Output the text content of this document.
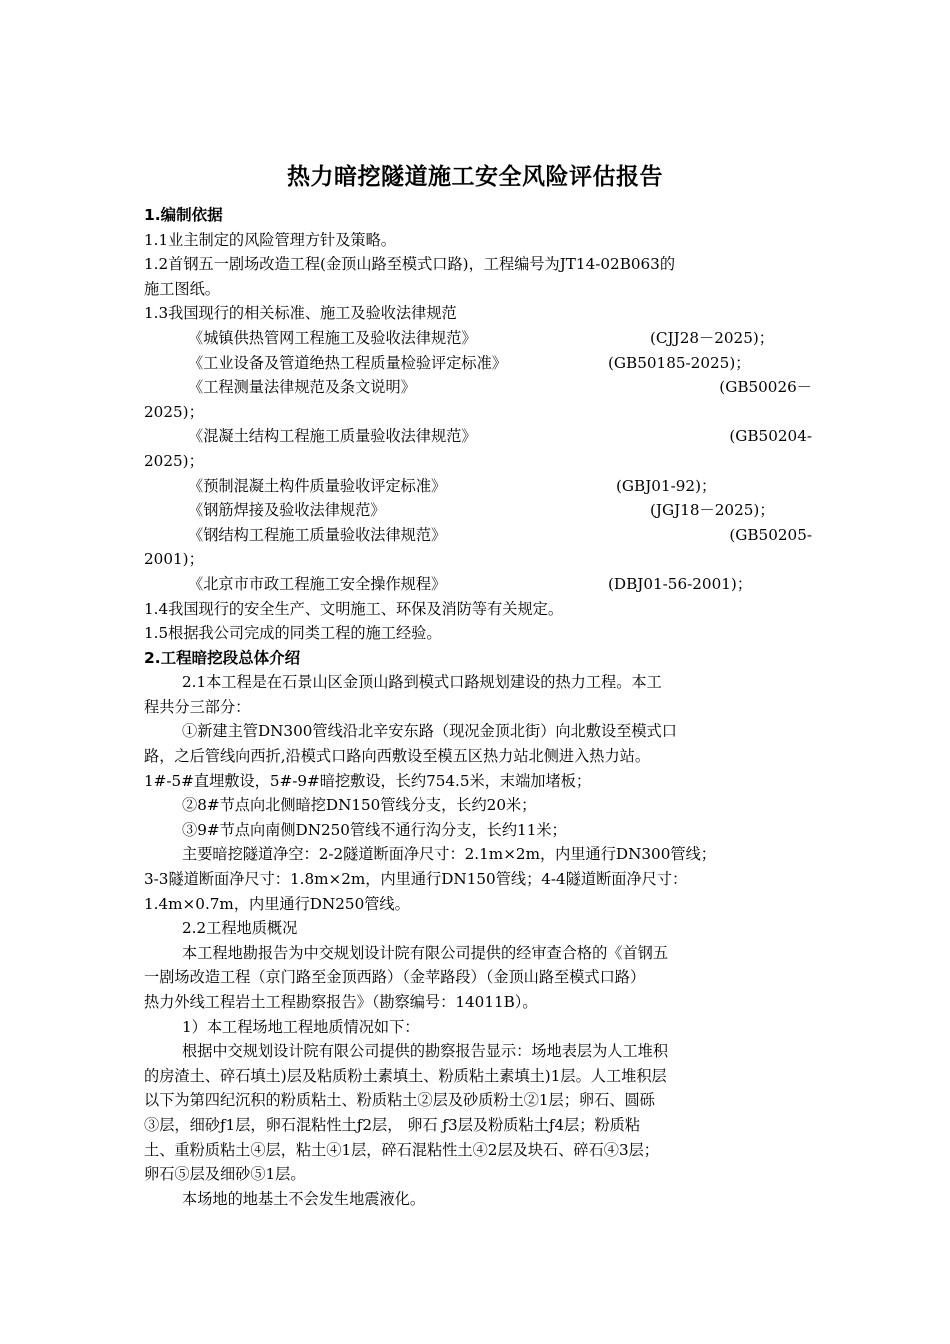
热力暗挖隧道施工安全风险评估报告
1.编制依据
1.1业主制定的风险管理方针及策略。
1.2首钢五一剧场改造工程(金顶山路至模式口路)，工程编号为JT14-02B063的
施工图纸。
1.3我国现行的相关标准、施工及验收法律规范
《城镇供热管网工程施工及验收法律规范》	(CJJ28－2025)；
《工业设备及管道绝热工程质量检验评定标准》	(GB50185-2025)；
《工程测量法律规范及条文说明》	(GB50026－
2025)；
《混凝土结构工程施工质量验收法律规范》	(GB50204-
2025)；
《预制混凝土构件质量验收评定标准》	(GBJ01-92)；
《钢筋焊接及验收法律规范》	(JGJ18－2025)；
《钢结构工程施工质量验收法律规范》	(GB50205-
2001)；
《北京市市政工程施工安全操作规程》	(DBJ01-56-2001)；
1.4我国现行的安全生产、文明施工、环保及消防等有关规定。
1.5根据我公司完成的同类工程的施工经验。
2.工程暗挖段总体介绍
2.1本工程是在石景山区金顶山路到模式口路规划建设的热力工程。本工
程共分三部分：
①新建主管DN300管线沿北辛安东路（现况金顶北街）向北敷设至模式口
路，之后管线向西折,沿模式口路向西敷设至模五区热力站北侧进入热力站。
1#-5#直埋敷设，5#-9#暗挖敷设，长约754.5米，末端加堵板；
②8#节点向北侧暗挖DN150管线分支，长约20米；
③9#节点向南侧DN250管线不通行沟分支，长约11米；
主要暗挖隧道净空：2-2隧道断面净尺寸：2.1m×2m，内里通行DN300管线；
3-3隧道断面净尺寸：1.8m×2m，内里通行DN150管线；4-4隧道断面净尺寸：
1.4m×0.7m，内里通行DN250管线。
2.2工程地质概况
本工程地勘报告为中交规划设计院有限公司提供的经审查合格的《首钢五
一剧场改造工程（京门路至金顶西路）（金苹路段）（金顶山路至模式口路）
热力外线工程岩土工程勘察报告》（勘察编号：14011B）。
1）本工程场地工程地质情况如下：
根据中交规划设计院有限公司提供的勘察报告显示：场地表层为人工堆积
的房渣土、碎石填土)层及粘质粉土素填土、粉质粘土素填土)1层。人工堆积层
以下为第四纪沉积的粉质粘土、粉质粘土②层及砂质粉土②1层；卵石、圆砾
③层，细砂ƒ1层，卵石混粘性土ƒ2层， 卵石 ƒ3层及粉质粘土ƒ4层；粉质粘
土、重粉质粘土④层，粘土④1层，碎石混粘性土④2层及块石、碎石④3层；
卵石⑤层及细砂⑤1层。
本场地的地基土不会发生地震液化。
